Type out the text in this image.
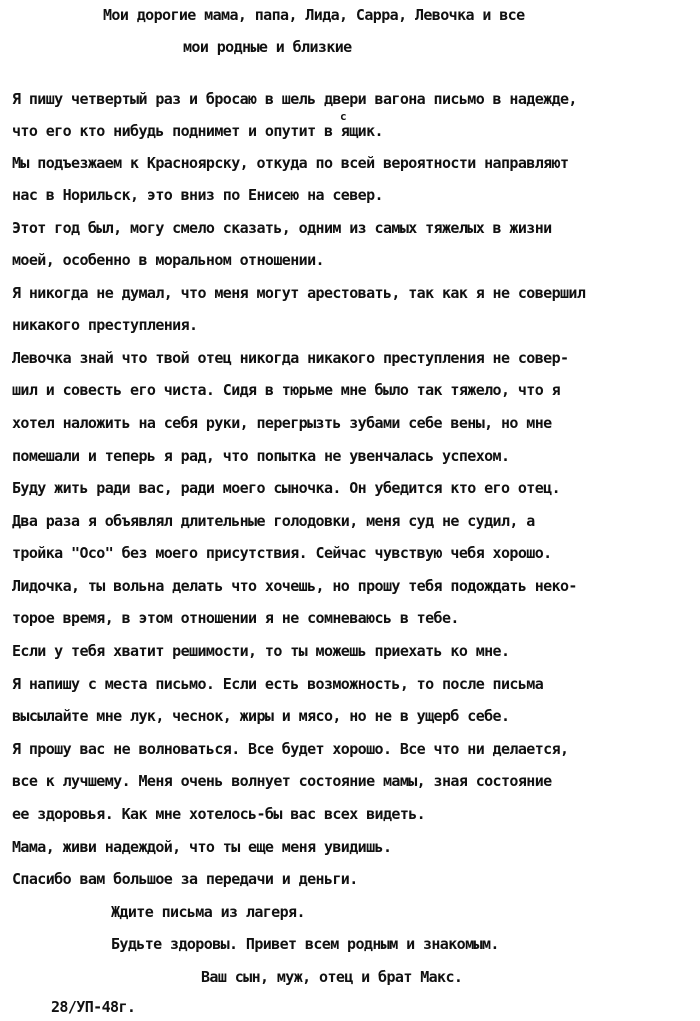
Мои дорогие мама, папа, Лида, Сарра, Левочка и все
мои родные и близкие
Я пишу четвертый раз и бросаю в шель двери вагона письмо в надежде,
что его кто нибудь поднимет и опутит в ящик.
с
Мы подъезжаем к Красноярску, откуда по всей вероятности направляют
нас в Норильск, это вниз по Енисею на север.
Этот год был, могу смело сказать, одним из самых тяжелых в жизни
моей, особенно в моральном отношении.
Я никогда не думал, что меня могут арестовать, так как я не совершил
никакого преступления.
Левочка знай что твой отец никогда никакого преступления не совер-
шил и совесть его чиста. Сидя в тюрьме мне было так тяжело, что я
хотел наложить на себя руки, перегрызть зубами себе вены, но мне
помешали и теперь я рад, что попытка не увенчалась успехом.
Буду жить ради вас, ради моего сыночка. Он убедится кто его отец.
Два раза я объявлял длительные голодовки, меня суд не судил, а
тройка "Осо" без моего присутствия. Сейчас чувствую чебя хорошо.
Лидочка, ты вольна делать что хочешь, но прошу тебя подождать неко-
торое время, в этом отношении я не сомневаюсь в тебе.
Если у тебя хватит решимости, то ты можешь приехать ко мне.
Я напишу с места письмо. Если есть возможность, то после письма
высылайте мне лук, чеснок, жиры и мясо, но не в ущерб себе.
Я прошу вас не волноваться. Все будет хорошо. Все что ни делается,
все к лучшему. Меня очень волнует состояние мамы, зная состояние
ее здоровья. Как мне хотелось-бы вас всех видеть.
Мама, живи надеждой, что ты еще меня увидишь.
Спасибо вам большое за передачи и деньги.
Ждите письма из лагеря.
Будьте здоровы. Привет всем родным и знакомым.
Ваш сын, муж, отец и брат Макс.
28/УП-48г.
